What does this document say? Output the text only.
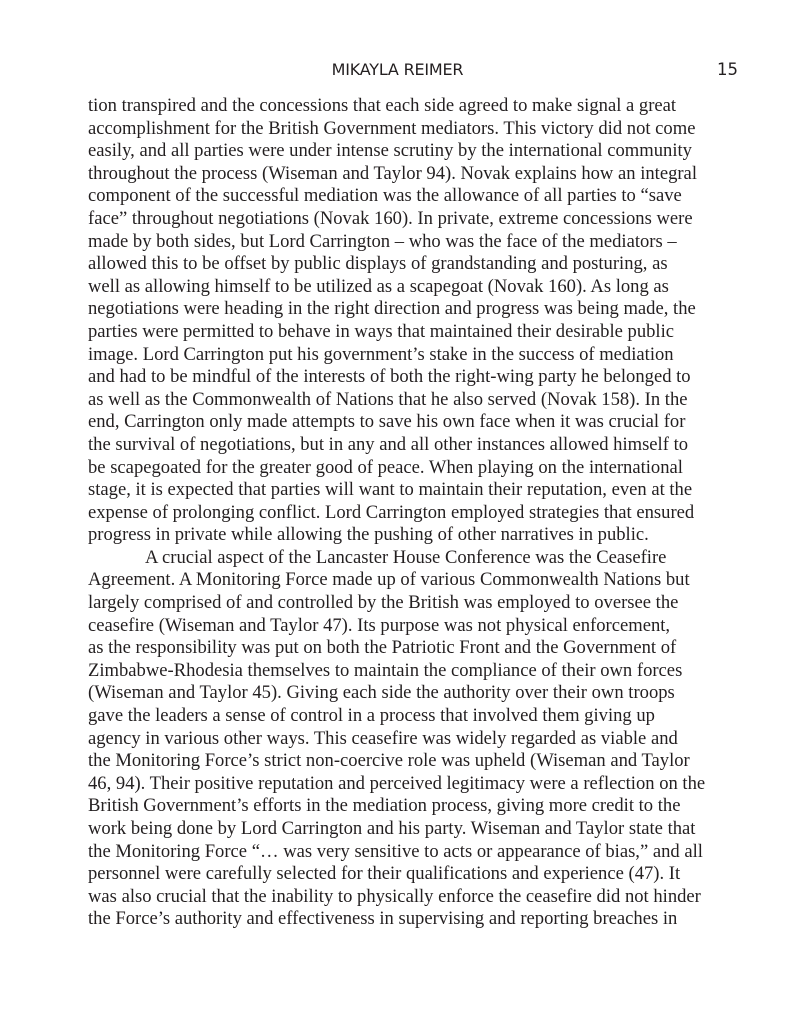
MIKAYLA REIMER	15
tion transpired and the concessions that each side agreed to make signal a great
accomplishment for the British Government mediators. This victory did not come
easily, and all parties were under intense scrutiny by the international community
throughout the process (Wiseman and Taylor 94). Novak explains how an integral
component of the successful mediation was the allowance of all parties to “save
face” throughout negotiations (Novak 160). In private, extreme concessions were
made by both sides, but Lord Carrington – who was the face of the mediators –
allowed this to be offset by public displays of grandstanding and posturing, as
well as allowing himself to be utilized as a scapegoat (Novak 160). As long as
negotiations were heading in the right direction and progress was being made, the
parties were permitted to behave in ways that maintained their desirable public
image. Lord Carrington put his government’s stake in the success of mediation
and had to be mindful of the interests of both the right-wing party he belonged to
as well as the Commonwealth of Nations that he also served (Novak 158). In the
end, Carrington only made attempts to save his own face when it was crucial for
the survival of negotiations, but in any and all other instances allowed himself to
be scapegoated for the greater good of peace. When playing on the international
stage, it is expected that parties will want to maintain their reputation, even at the
expense of prolonging conflict. Lord Carrington employed strategies that ensured
progress in private while allowing the pushing of other narratives in public.
A crucial aspect of the Lancaster House Conference was the Ceasefire
Agreement. A Monitoring Force made up of various Commonwealth Nations but
largely comprised of and controlled by the British was employed to oversee the
ceasefire (Wiseman and Taylor 47). Its purpose was not physical enforcement,
as the responsibility was put on both the Patriotic Front and the Government of
Zimbabwe-Rhodesia themselves to maintain the compliance of their own forces
(Wiseman and Taylor 45). Giving each side the authority over their own troops
gave the leaders a sense of control in a process that involved them giving up
agency in various other ways. This ceasefire was widely regarded as viable and
the Monitoring Force’s strict non-coercive role was upheld (Wiseman and Taylor
46, 94). Their positive reputation and perceived legitimacy were a reflection on the
British Government’s efforts in the mediation process, giving more credit to the
work being done by Lord Carrington and his party. Wiseman and Taylor state that
the Monitoring Force “… was very sensitive to acts or appearance of bias,” and all
personnel were carefully selected for their qualifications and experience (47). It
was also crucial that the inability to physically enforce the ceasefire did not hinder
the Force’s authority and effectiveness in supervising and reporting breaches in
